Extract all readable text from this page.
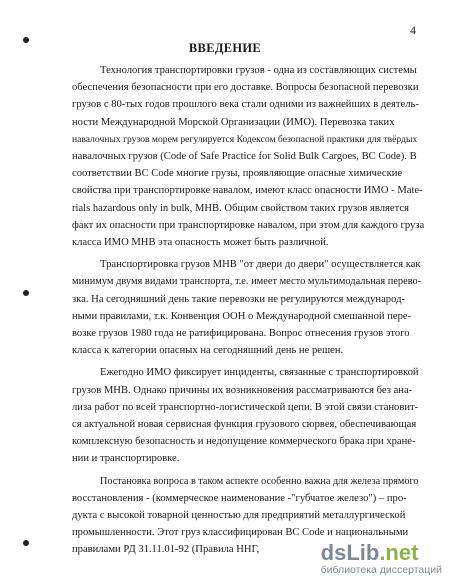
4
ВВЕДЕНИЕ
Технология транспортировки грузов - одна из составляющих системы
обеспечения безопасности при его доставке. Вопросы безопасной перевозки
грузов с 80-тых годов прошлого века стали одними из важнейших в деятель-
ности Международной Морской Организации (ИМО). Перевозка таких
навалочных грузов морем регулируется Кодексом безопасной практики для твёрдых
навалочных грузов (Code of Safe Practice for Solid Bulk Cargoes, BC Code). В
соответствии BC Code многие грузы, проявляющие опасные химические
свойства при транспортировке навалом, имеют класс опасности ИМО - Mate-
rials hazardous only in bulk, MHB. Общим свойством таких грузов является
факт их опасности при транспортировке навалом, при этом для каждого груза
класса ИМО МНВ эта опасность может быть различной.
Транспортировка грузов МНВ "от двери до двери" осуществляется как
минимум двумя видами транспорта, т.е. имеет место мультимодальная перево-
зка. На сегодняшний день такие перевозки не регулируются международ-
ными правилами, т.к. Конвенция ООН о Международной смешанной пере-
возке грузов 1980 года не ратифицирована. Вопрос отнесения грузов этого
класса к категории опасных на сегодняшний день не решен.
Ежегодно ИМО фиксирует инциденты, связанные с транспортировкой
грузов МНВ. Однако причины их возникновения рассматриваются без ана-
лиза работ по всей транспортно-логистической цепи. В этой связи становит-
ся актуальной новая сервисная функция грузового сюрвея, обеспечивающая
комплексную безопасность и недопущение коммерческого брака при хране-
нии и транспортировке.
Постановка вопроса в таком аспекте особенно важна для железа прямого
восстановления - (коммерческое наименование -"губчатое железо") – про-
дукта с высокой товарной ценностью для предприятий металлургической
промышленности. Этот груз классифицирован BC Code и национальными
правилами РД 31.11.01-92 (Правила ННГ,	dsLib.net
библиотека диссертаций
